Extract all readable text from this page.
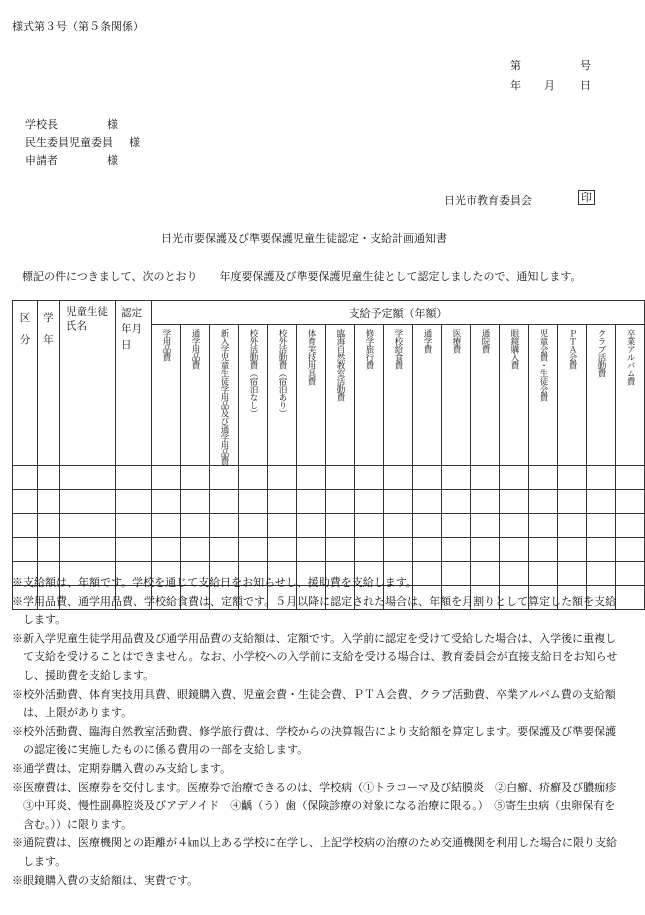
様式第３号（第５条関係）
第	号
年 月 日
学校長	様
民生委員児童委員 様
申請者	様
日光市教育委員会	印
日光市要保護及び準要保護児童生徒認定・支給計画通知書
標記の件につきまして、次のとおり　　年度要保護及び準要保護児童生徒として認定しましたので、通知します。
区分	学年	児童生徒氏名	認定年月日	支給予定額（年額）																

				学用品費	通学用品費	新入学児童生徒学用品及び通学用品費	校外活動費（宿泊なし）	校外活動費（宿泊あり）	体育実技用具費	臨海自然教室活動費	修学旅行費	学校給食費	通学費	医療費	通院費	眼鏡購入費	児童会費・生徒会費	ＰＴＡ会費	クラブ活動費	卒業アルバム費

※支給額は、年額です。学校を通じて支給日をお知らせし、援助費を支給します。
※学用品費、通学用品費、学校給食費は、定額です。５月以降に認定された場合は、年額を月割りとして算定した額を支給します。
※新入学児童生徒学用品費及び通学用品費の支給額は、定額です。入学前に認定を受けて受給した場合は、入学後に重複して支給を受けることはできません。なお、小学校への入学前に支給を受ける場合は、教育委員会が直接支給日をお知らせし、援助費を支給します。
※校外活動費、体育実技用具費、眼鏡購入費、児童会費・生徒会費、ＰＴＡ会費、クラブ活動費、卒業アルバム費の支給額は、上限があります。
※校外活動費、臨海自然教室活動費、修学旅行費は、学校からの決算報告により支給額を算定します。要保護及び準要保護の認定後に実施したものに係る費用の一部を支給します。
※通学費は、定期券購入費のみ支給します。
※医療費は、医療券を交付します。医療券で治療できるのは、学校病（①トラコーマ及び結膜炎　②白癬、疥癬及び膿痂疹　③中耳炎、慢性副鼻腔炎及びアデノイド　④齲（う）歯（保険診療の対象になる治療に限る。）　⑤寄生虫病（虫卵保有を含む。））に限ります。
※通院費は、医療機関との距離が４㎞以上ある学校に在学し、上記学校病の治療のため交通機関を利用した場合に限り支給します。
※眼鏡購入費の支給額は、実費です。
